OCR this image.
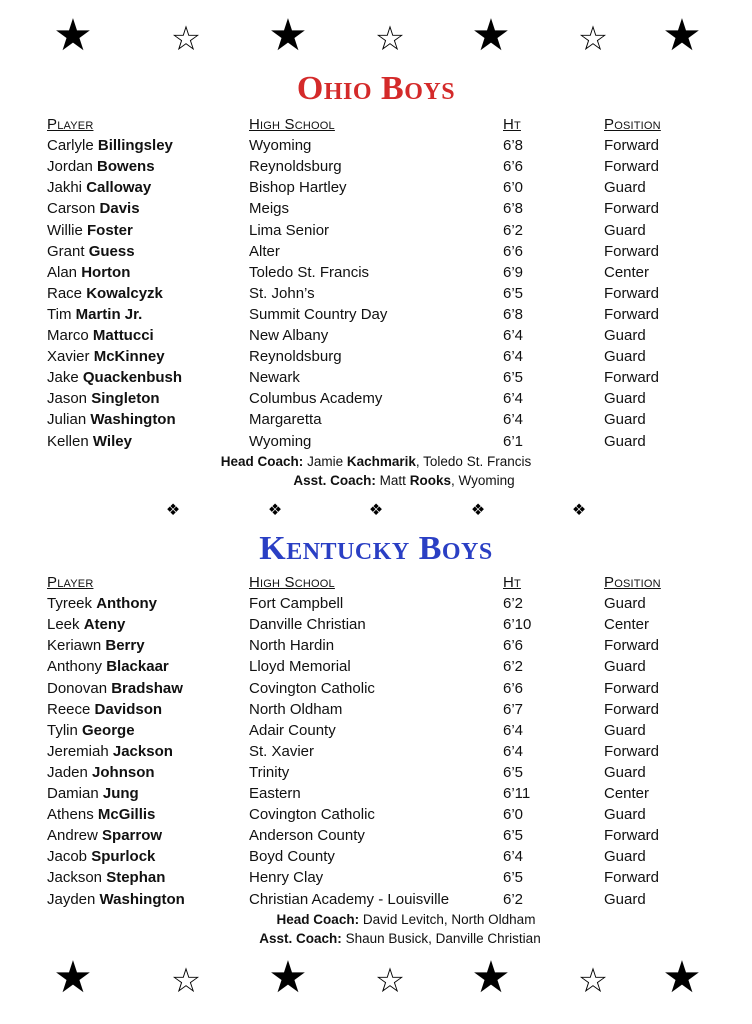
★ ☆ ★ ☆ ★ ☆ ★
Ohio Boys
Player	High School	Ht	Position
Carlyle Billingsley	Wyoming	6’8	Forward
Jordan Bowens	Reynoldsburg	6’6	Forward
Jakhi Calloway	Bishop Hartley	6’0	Guard
Carson Davis	Meigs	6’8	Forward
Willie Foster	Lima Senior	6’2	Guard
Grant Guess	Alter	6’6	Forward
Alan Horton	Toledo St. Francis	6’9	Center
Race Kowalcyzk	St. John’s	6’5	Forward
Tim Martin Jr.	Summit Country Day	6’8	Forward
Marco Mattucci	New Albany	6’4	Guard
Xavier McKinney	Reynoldsburg	6’4	Guard
Jake Quackenbush	Newark	6’5	Forward
Jason Singleton	Columbus Academy	6’4	Guard
Julian Washington	Margaretta	6’4	Guard
Kellen Wiley	Wyoming	6’1	Guard
Head Coach: Jamie Kachmarik, Toledo St. Francis
Asst. Coach: Matt Rooks, Wyoming
❖	❖	❖	❖	❖
Kentucky Boys
Player	High School	Ht	Position
Tyreek Anthony	Fort Campbell	6’2	Guard
Leek Ateny	Danville Christian	6’10	Center
Keriawn Berry	North Hardin	6’6	Forward
Anthony Blackaar	Lloyd Memorial	6’2	Guard
Donovan Bradshaw	Covington Catholic	6’6	Forward
Reece Davidson	North Oldham	6’7	Forward
Tylin George	Adair County	6’4	Guard
Jeremiah Jackson	St. Xavier	6’4	Forward
Jaden Johnson	Trinity	6’5	Guard
Damian Jung	Eastern	6’11	Center
Athens McGillis	Covington Catholic	6’0	Guard
Andrew Sparrow	Anderson County	6’5	Forward
Jacob Spurlock	Boyd County	6’4	Guard
Jackson Stephan	Henry Clay	6’5	Forward
Jayden Washington	Christian Academy - Louisville	6’2	Guard
Head Coach: David Levitch, North Oldham
Asst. Coach: Shaun Busick, Danville Christian
★ ☆ ★ ☆ ★ ☆ ★
